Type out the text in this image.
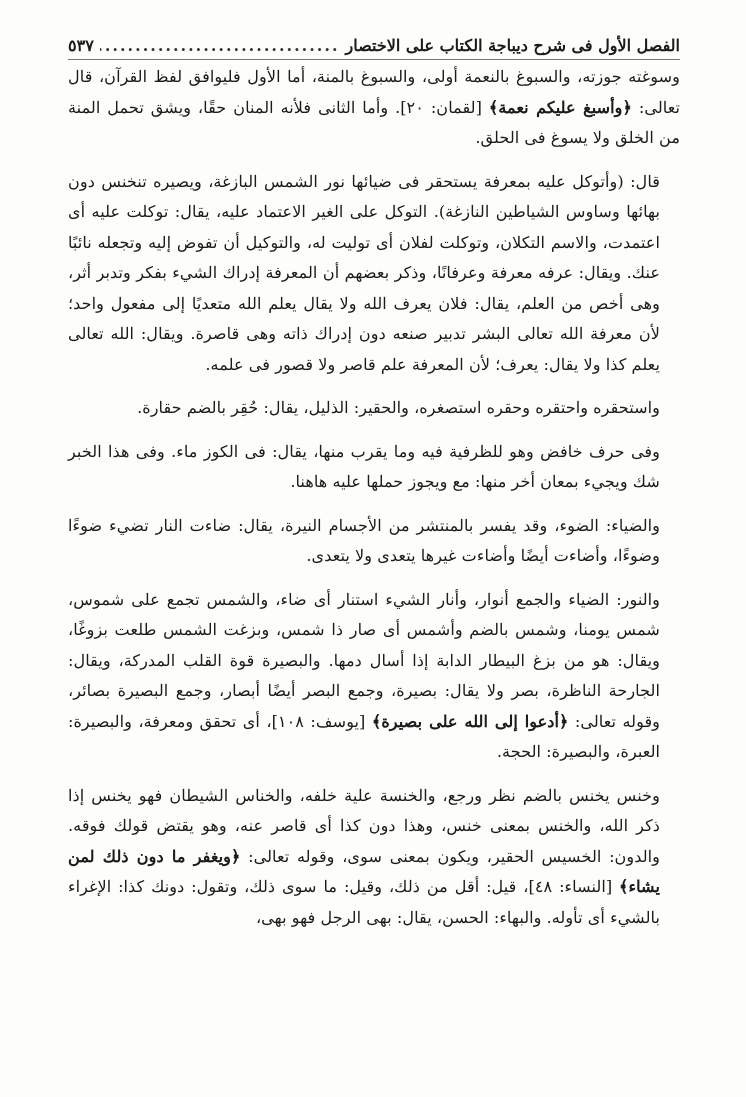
الفصل الأول فى شرح ديباجة الكتاب على الاختصار
.....
٥٣٧

وسوغته جوزته، والسبوغ بالنعمة أولى، والسبوغ بالمنة، أما الأول فليوافق لفظ القرآن، قال تعالى: ﴿وأسبغ عليكم نعمة﴾ [لقمان: ٢٠]. وأما الثانى فلأنه المنان حقًا، ويشق تحمل المنة من الخلق ولا يسوغ فى الحلق.

قال: (وأتوكل عليه بمعرفة يستحقر فى ضيائها نور الشمس البازغة، ويصيره تنخنس دون بهائها وساوس الشياطين النازغة). التوكل على الغير الاعتماد عليه، يقال: توكلت عليه أى اعتمدت، والاسم التكلان، وتوكلت لفلان أى توليت له، والتوكيل أن تفوض إليه وتجعله نائبًا عنك. ويقال: عرفه معرفة وعرفانًا، وذكر بعضهم أن المعرفة إدراك الشيء بفكر وتدبر أثر، وهى أخص من العلم، يقال: فلان يعرف الله ولا يقال يعلم الله متعديًا إلى مفعول واحد؛ لأن معرفة الله تعالى البشر تدبير صنعه دون إدراك ذاته وهى قاصرة. ويقال: الله تعالى يعلم كذا ولا يقال: يعرف؛ لأن المعرفة علم قاصر ولا قصور فى علمه.

واستحقره واحتقره وحقره استصغره، والحقير: الذليل، يقال: حُقِر بالضم حقارة.

وفى حرف خافض وهو للظرفية فيه وما يقرب منها، يقال: فى الكوز ماء. وفى هذا الخبر شك ويجيء بمعان أخر منها: مع ويجوز حملها عليه هاهنا.

والضياء: الضوء، وقد يفسر بالمنتشر من الأجسام النيرة، يقال: ضاءت النار تضيء ضوءًا وضوءًا، وأضاءت أيضًا وأضاءت غيرها يتعدى ولا يتعدى.

والنور: الضياء والجمع أنوار، وأنار الشيء استنار أى ضاء، والشمس تجمع على شموس، شمس يومنا، وشمس بالضم وأشمس أى صار ذا شمس، وبزغت الشمس طلعت بزوغًا، ويقال: هو من بزغ البيطار الدابة إذا أسال دمها. والبصيرة قوة القلب المدركة، ويقال: الجارحة الناظرة، بصر ولا يقال: بصيرة، وجمع البصر أيضًا أبصار، وجمع البصيرة بصائر، وقوله تعالى: ﴿أدعوا إلى الله على بصيرة﴾ [يوسف: ١٠٨]، أى تحقق ومعرفة، والبصيرة: العبرة، والبصيرة: الحجة.

وخنس يخنس بالضم نظر ورجع، والخنسة علية خلفه، والخناس الشيطان فهو يخنس إذا ذكر الله، والخنس بمعنى خنس، وهذا دون كذا أى قاصر عنه، وهو يقتض قولك فوقه. والدون: الخسيس الحقير، ويكون بمعنى سوى، وقوله تعالى: ﴿ويغفر ما دون ذلك لمن يشاء﴾ [النساء: ٤٨]، قيل: أقل من ذلك، وقيل: ما سوى ذلك، وتقول: دونك كذا: الإغراء بالشيء أى تأوله. والبهاء: الحسن، يقال: بهى الرجل فهو بهى،
